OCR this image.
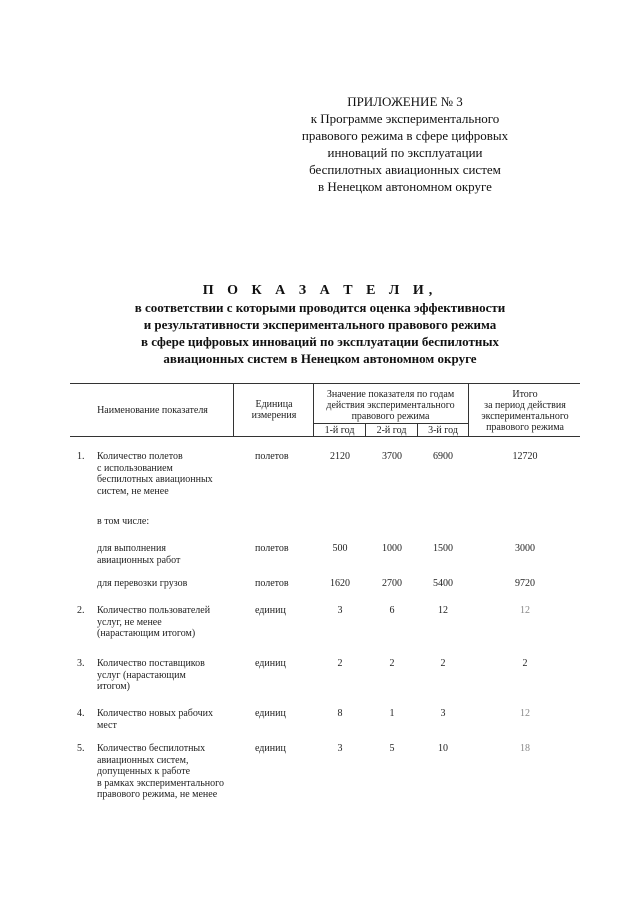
ПРИЛОЖЕНИЕ № 3
к Программе экспериментального
правового режима в сфере цифровых
инноваций по эксплуатации
беспилотных авиационных систем
в Ненецком автономном округе
П О К А З А Т Е Л И,
в соответствии с которыми проводится оценка эффективности
и результативности экспериментального правового режима
в сфере цифровых инноваций по эксплуатации беспилотных
авиационных систем в Ненецком автономном округе
Наименование показателя
Единица
измерения
Значение показателя по годам
действия экспериментального
правового режима
1-й год	2-й год	3-й год
Итого
за период действия
экспериментального
правового режима
1. Количество полетов
с использованием
беспилотных авиационных
систем, не менее
полетов	2120	3700	6900	12720
в том числе:
для выполнения
авиационных работ
полетов	500	1000	1500	3000
для перевозки грузов	полетов	1620	2700	5400	9720
2. Количество пользователей
услуг, не менее
(нарастающим итогом)
единиц	3	6	12	12
3. Количество поставщиков
услуг (нарастающим
итогом)
единиц	2	2	2	2
4. Количество новых рабочих
мест
единиц	8	1	3	12
5. Количество беспилотных
авиационных систем,
допущенных к работе
в рамках экспериментального
правового режима, не менее
единиц	3	5	10	18
